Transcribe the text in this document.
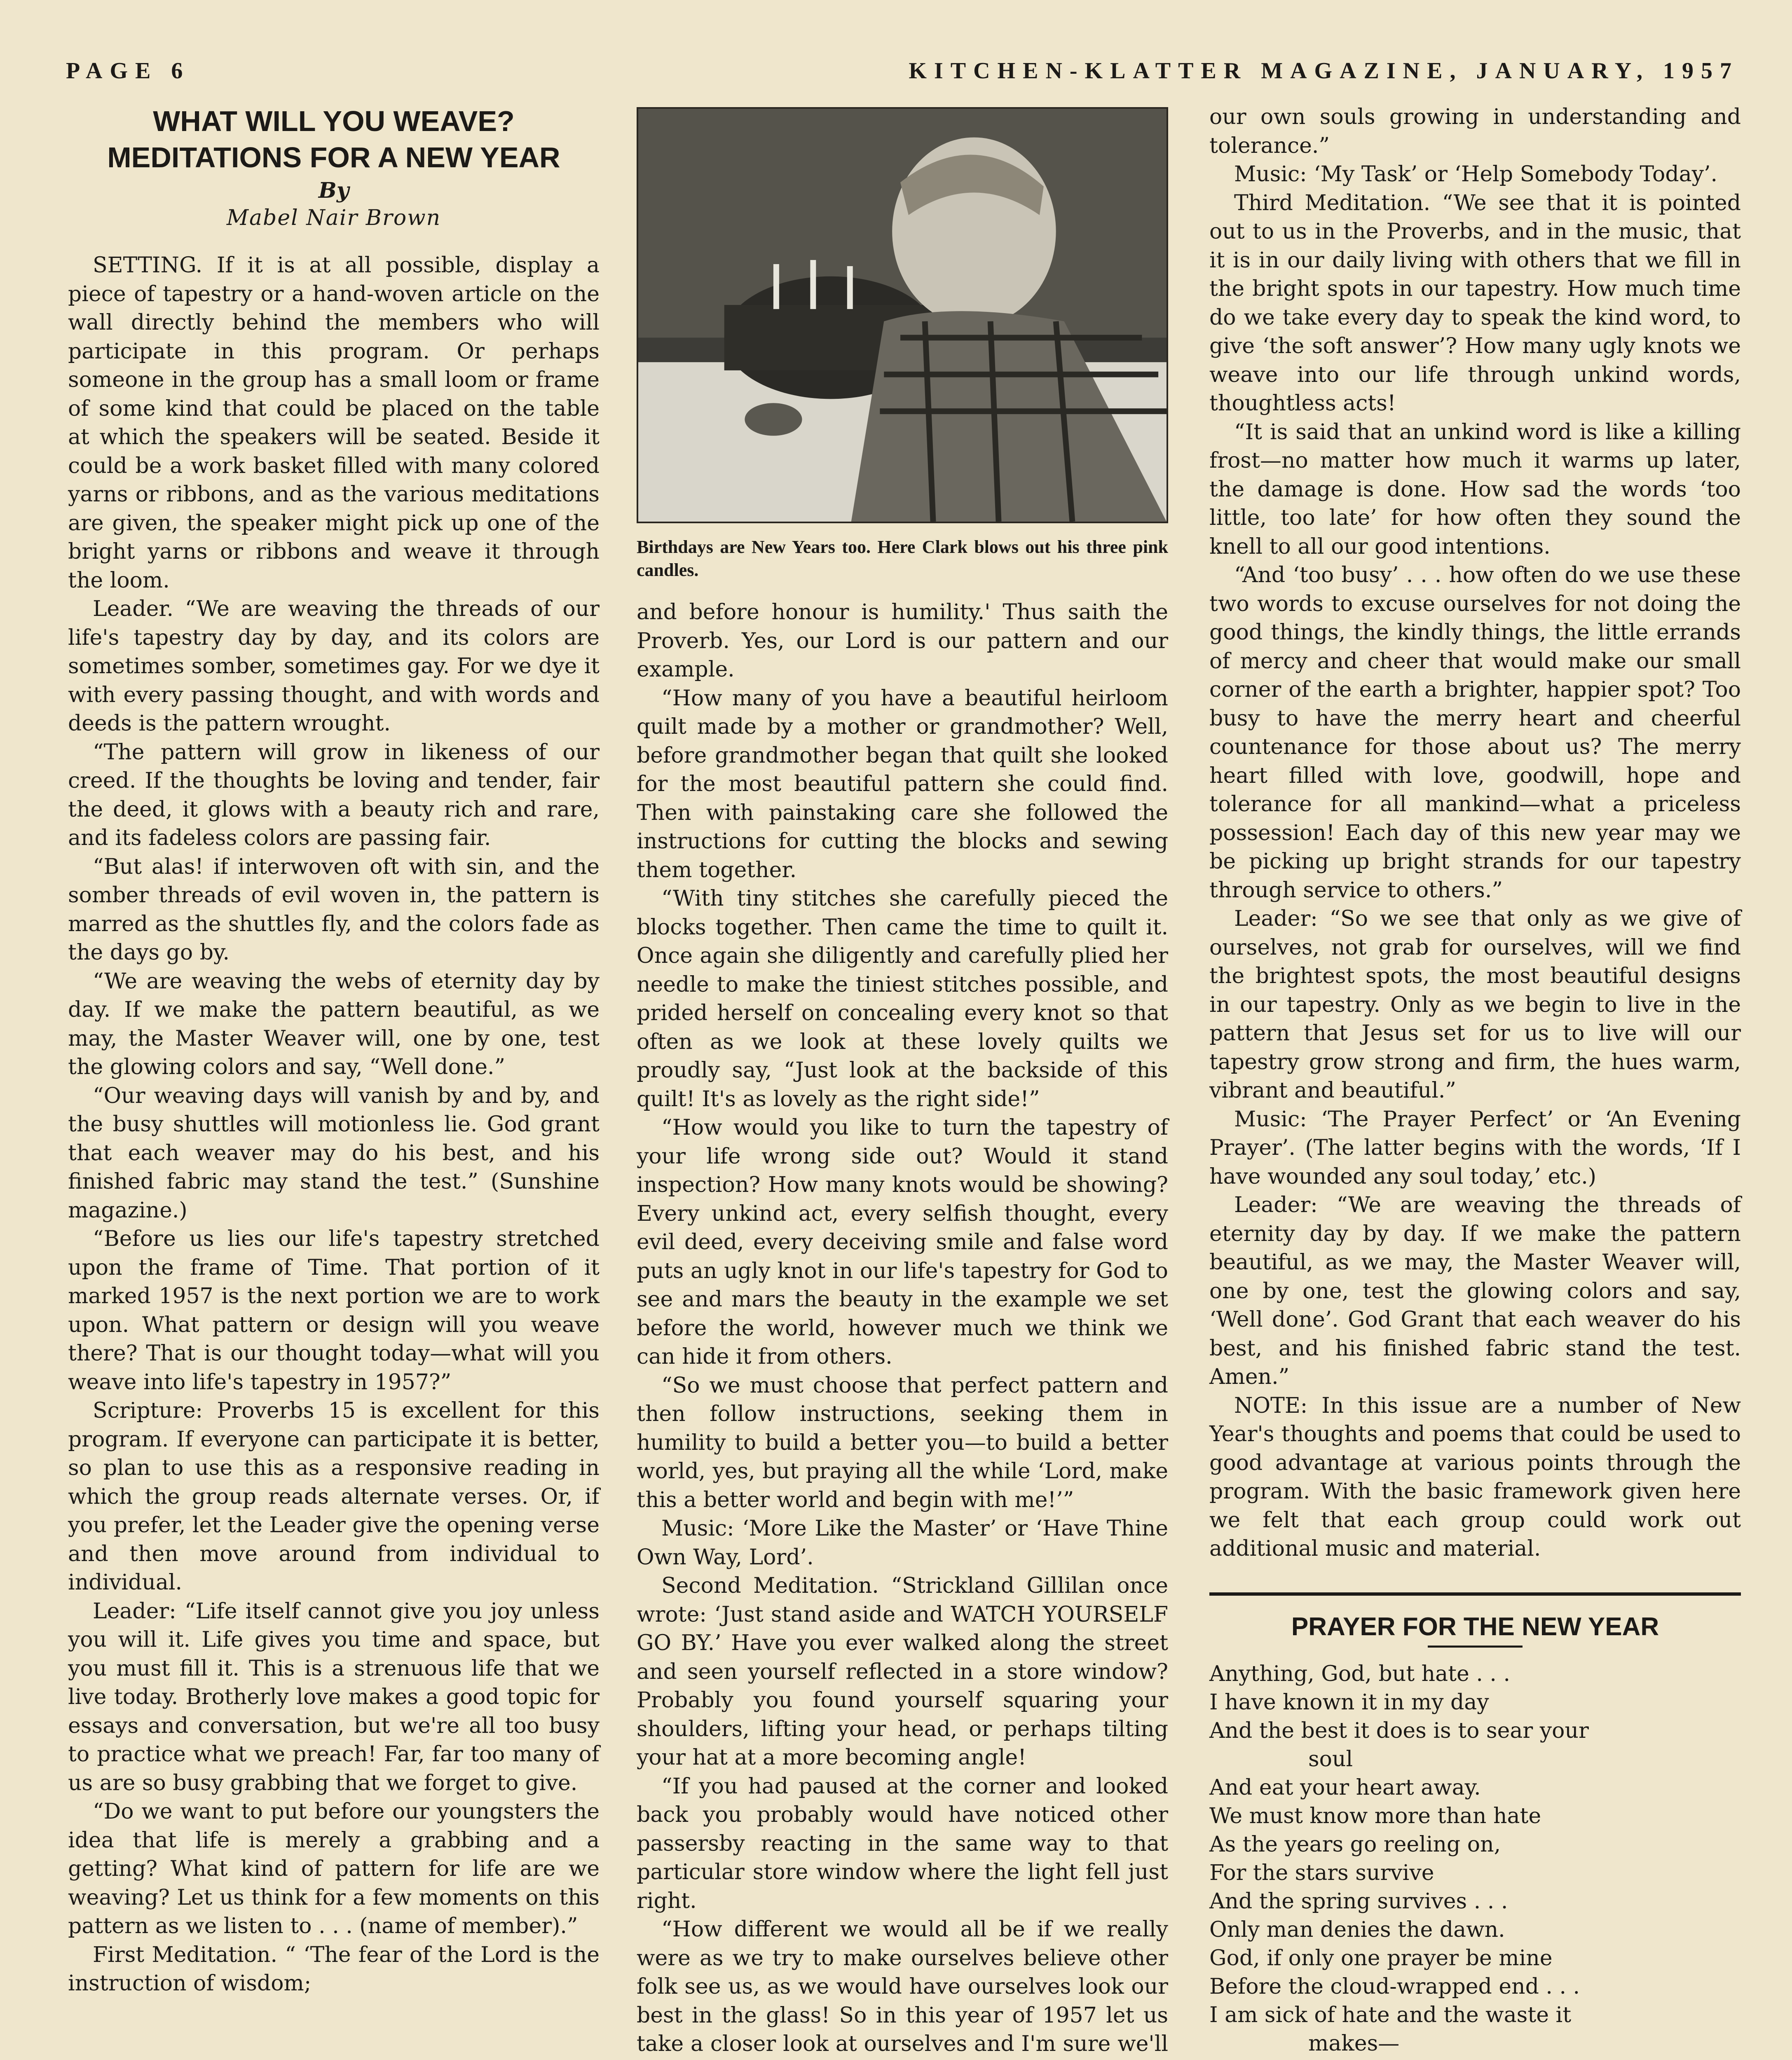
PAGE 6	KITCHEN-KLATTER MAGAZINE, JANUARY, 1957
WHAT WILL YOU WEAVE?
MEDITATIONS FOR A NEW YEAR
By
Mabel Nair Brown

SETTING. If it is at all possible, display a piece of tapestry or a hand-woven article on the wall directly behind the members who will participate in this program. Or perhaps someone in the group has a small loom or frame of some kind that could be placed on the table at which the speakers will be seated. Beside it could be a work basket filled with many colored yarns or ribbons, and as the various meditations are given, the speaker might pick up one of the bright yarns or ribbons and weave it through the loom.

Leader. “We are weaving the threads of our life's tapestry day by day, and its colors are sometimes somber, sometimes gay. For we dye it with every passing thought, and with words and deeds is the pattern wrought.

“The pattern will grow in likeness of our creed. If the thoughts be loving and tender, fair the deed, it glows with a beauty rich and rare, and its fadeless colors are passing fair.

“But alas! if interwoven oft with sin, and the somber threads of evil woven in, the pattern is marred as the shuttles fly, and the colors fade as the days go by.

“We are weaving the webs of eternity day by day. If we make the pattern beautiful, as we may, the Master Weaver will, one by one, test the glowing colors and say, “Well done.”

“Our weaving days will vanish by and by, and the busy shuttles will motionless lie. God grant that each weaver may do his best, and his finished fabric may stand the test.” (Sunshine magazine.)

“Before us lies our life's tapestry stretched upon the frame of Time. That portion of it marked 1957 is the next portion we are to work upon. What pattern or design will you weave there? That is our thought today—what will you weave into life's tapestry in 1957?”

Scripture: Proverbs 15 is excellent for this program. If everyone can participate it is better, so plan to use this as a responsive reading in which the group reads alternate verses. Or, if you prefer, let the Leader give the opening verse and then move around from individual to individual.

Leader: “Life itself cannot give you joy unless you will it. Life gives you time and space, but you must fill it. This is a strenuous life that we live today. Brotherly love makes a good topic for essays and conversation, but we're all too busy to practice what we preach! Far, far too many of us are so busy grabbing that we forget to give.

“Do we want to put before our youngsters the idea that life is merely a grabbing and a getting? What kind of pattern for life are we weaving? Let us think for a few moments on this pattern as we listen to . . . (name of member).”

First Meditation. “ ‘The fear of the Lord is the instruction of wisdom;

Birthdays are New Years too. Here Clark blows out his three pink candles.

and before honour is humility.' Thus saith the Proverb. Yes, our Lord is our pattern and our example.

“How many of you have a beautiful heirloom quilt made by a mother or grandmother? Well, before grandmother began that quilt she looked for the most beautiful pattern she could find. Then with painstaking care she followed the instructions for cutting the blocks and sewing them together.

“With tiny stitches she carefully pieced the blocks together. Then came the time to quilt it. Once again she diligently and carefully plied her needle to make the tiniest stitches possible, and prided herself on concealing every knot so that often as we look at these lovely quilts we proudly say, “Just look at the backside of this quilt! It's as lovely as the right side!”

“How would you like to turn the tapestry of your life wrong side out? Would it stand inspection? How many knots would be showing? Every unkind act, every selfish thought, every evil deed, every deceiving smile and false word puts an ugly knot in our life's tapestry for God to see and mars the beauty in the example we set before the world, however much we think we can hide it from others.

“So we must choose that perfect pattern and then follow instructions, seeking them in humility to build a better you—to build a better world, yes, but praying all the while ‘Lord, make this a better world and begin with me!’”

Music: ‘More Like the Master’ or ‘Have Thine Own Way, Lord’.

Second Meditation. “Strickland Gillilan once wrote: ‘Just stand aside and WATCH YOURSELF GO BY.’ Have you ever walked along the street and seen yourself reflected in a store window? Probably you found yourself squaring your shoulders, lifting your head, or perhaps tilting your hat at a more becoming angle!

“If you had paused at the corner and looked back you probably would have noticed other passersby reacting in the same way to that particular store window where the light fell just right.

“How different we would all be if we really were as we try to make ourselves believe other folk see us, as we would have ourselves look our best in the glass! So in this year of 1957 let us take a closer look at ourselves and I'm sure we'll

our own souls growing in understanding and tolerance.”

Music: ‘My Task’ or ‘Help Somebody Today’.

Third Meditation. “We see that it is pointed out to us in the Proverbs, and in the music, that it is in our daily living with others that we fill in the bright spots in our tapestry. How much time do we take every day to speak the kind word, to give ‘the soft answer’? How many ugly knots we weave into our life through unkind words, thoughtless acts!

“It is said that an unkind word is like a killing frost—no matter how much it warms up later, the damage is done. How sad the words ‘too little, too late’ for how often they sound the knell to all our good intentions.

“And ‘too busy’ . . . how often do we use these two words to excuse ourselves for not doing the good things, the kindly things, the little errands of mercy and cheer that would make our small corner of the earth a brighter, happier spot? Too busy to have the merry heart and cheerful countenance for those about us? The merry heart filled with love, goodwill, hope and tolerance for all mankind—what a priceless possession! Each day of this new year may we be picking up bright strands for our tapestry through service to others.”

Leader: “So we see that only as we give of ourselves, not grab for ourselves, will we find the brightest spots, the most beautiful designs in our tapestry. Only as we begin to live in the pattern that Jesus set for us to live will our tapestry grow strong and firm, the hues warm, vibrant and beautiful.”

Music: ‘The Prayer Perfect’ or ‘An Evening Prayer’. (The latter begins with the words, ‘If I have wounded any soul today,’ etc.)

Leader: “We are weaving the threads of eternity day by day. If we make the pattern beautiful, as we may, the Master Weaver will, one by one, test the glowing colors and say, ‘Well done’. God Grant that each weaver do his best, and his finished fabric stand the test. Amen.”

NOTE: In this issue are a number of New Year's thoughts and poems that could be used to good advantage at various points through the program. With the basic framework given here we felt that each group could work out additional music and material.

PRAYER FOR THE NEW YEAR
Anything, God, but hate . . .
I have known it in my day
And the best it does is to sear your
soul
And eat your heart away.
We must know more than hate
As the years go reeling on,
For the stars survive
And the spring survives . . .
Only man denies the dawn.
God, if only one prayer be mine
Before the cloud-wrapped end . . .
I am sick of hate and the waste it
makes—
